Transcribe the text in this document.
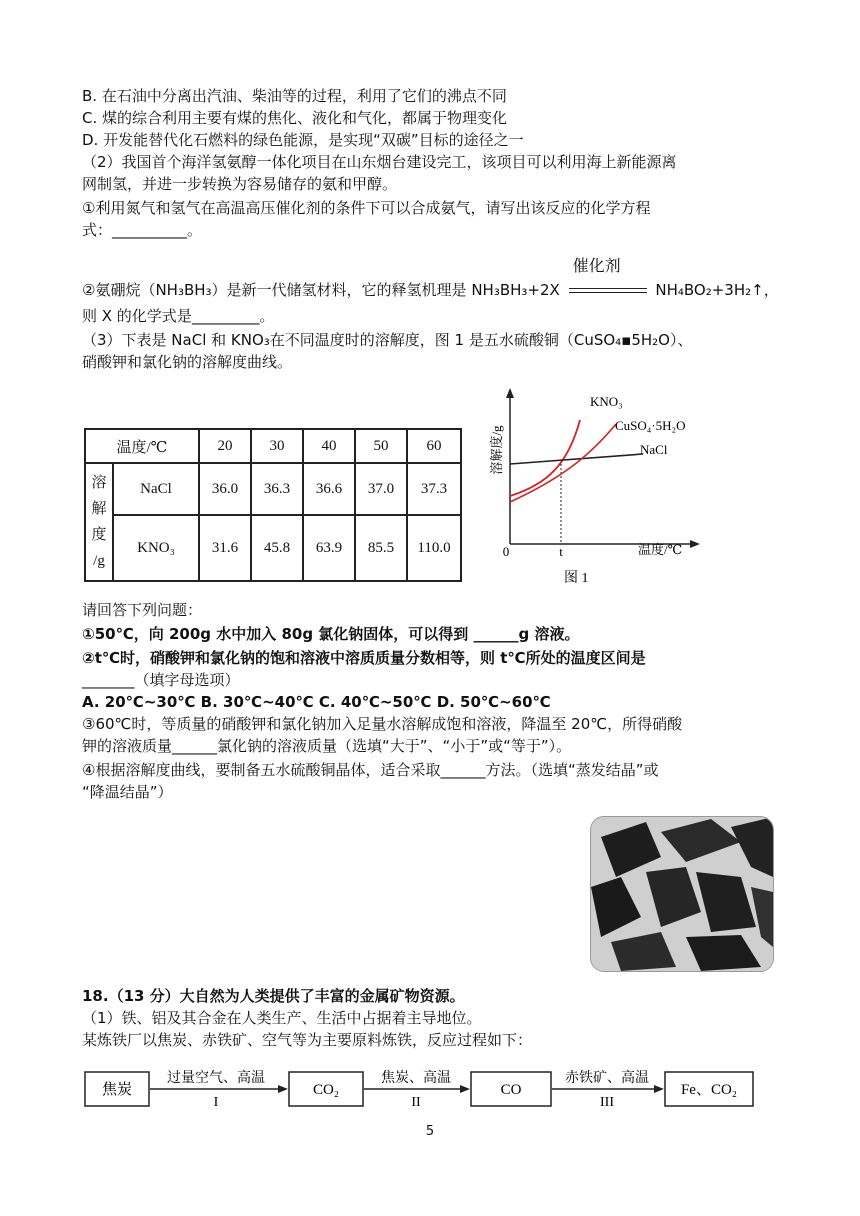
B. 在石油中分离出汽油、柴油等的过程，利用了它们的沸点不同
C. 煤的综合利用主要有煤的焦化、液化和气化，都属于物理变化
D. 开发能替代化石燃料的绿色能源，是实现“双碳”目标的途径之一
（2）我国首个海洋氢氨醇一体化项目在山东烟台建设完工，该项目可以利用海上新能源离
网制氢，并进一步转换为容易储存的氨和甲醇。
①利用氮气和氢气在高温高压催化剂的条件下可以合成氨气，请写出该反应的化学方程
式：__________。
②氨硼烷（NH₃BH₃）是新一代储氢材料，它的释氢机理是 NH₃BH₃+2X
催化剂
NH₄BO₂+3H₂↑，
则 X 的化学式是_________。
（3）下表是 NaCl 和 KNO₃在不同温度时的溶解度，图 1 是五水硫酸铜（CuSO₄▪5H₂O）、
硝酸钾和氯化钠的溶解度曲线。
温度/℃		20	30	40	50	60
溶
解
度
/g	NaCl	36.0	36.3	36.6	37.0	37.3
	KNO₃	31.6	45.8	63.9	85.5	110.0
溶解度/g
温度/℃
0	t
KNO₃
CuSO₄·5H₂O
NaCl
图 1
请回答下列问题：
①50℃，向 200g 水中加入 80g 氯化钠固体，可以得到 ______g 溶液。
②t℃时，硝酸钾和氯化钠的饱和溶液中溶质质量分数相等，则 t℃所处的温度区间是
_______（填字母选项）
A. 20℃~30℃ B. 30℃~40℃ C. 40℃~50℃ D. 50℃~60℃
③60℃时，等质量的硝酸钾和氯化钠加入足量水溶解成饱和溶液，降温至 20℃，所得硝酸
钾的溶液质量______氯化钠的溶液质量（选填“大于”、“小于”或“等于”）。
④根据溶解度曲线，要制备五水硫酸铜晶体，适合采取______方法。（选填“蒸发结晶”或
“降温结晶”）
18.（13 分）大自然为人类提供了丰富的金属矿物资源。
（1）铁、铝及其合金在人类生产、生活中占据着主导地位。
某炼铁厂以焦炭、赤铁矿、空气等为主要原料炼铁，反应过程如下：
焦炭
过量空气、高温
I
CO₂
焦炭、高温
II
CO
赤铁矿、高温
III
Fe、CO₂
5
